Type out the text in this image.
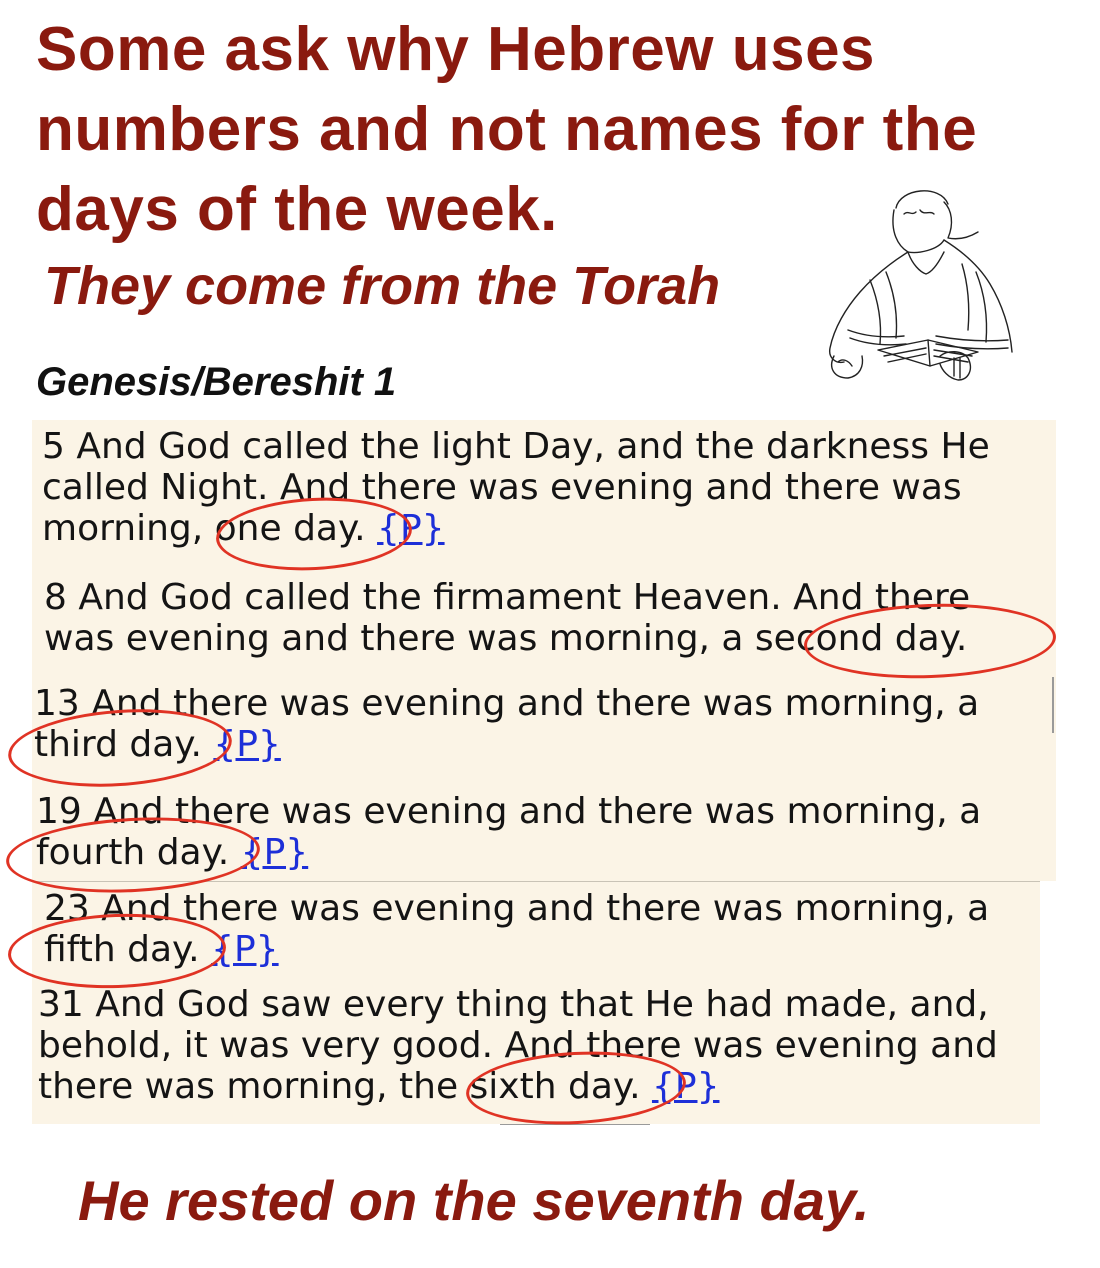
Some ask why Hebrew uses
numbers and not names for the
days of the week.
They come from the Torah
Genesis/Bereshit 1
5 And God called the light Day, and the darkness He
called Night. And there was evening and there was
morning, one day. {P}
8 And God called the firmament Heaven. And there
was evening and there was morning, a second day.
13 And there was evening and there was morning, a
third day. {P}
19 And there was evening and there was morning, a
fourth day. {P}
23 And there was evening and there was morning, a
fifth day. {P}
31 And God saw every thing that He had made, and,
behold, it was very good. And there was evening and
there was morning, the sixth day. {P}
He rested on the seventh day.
